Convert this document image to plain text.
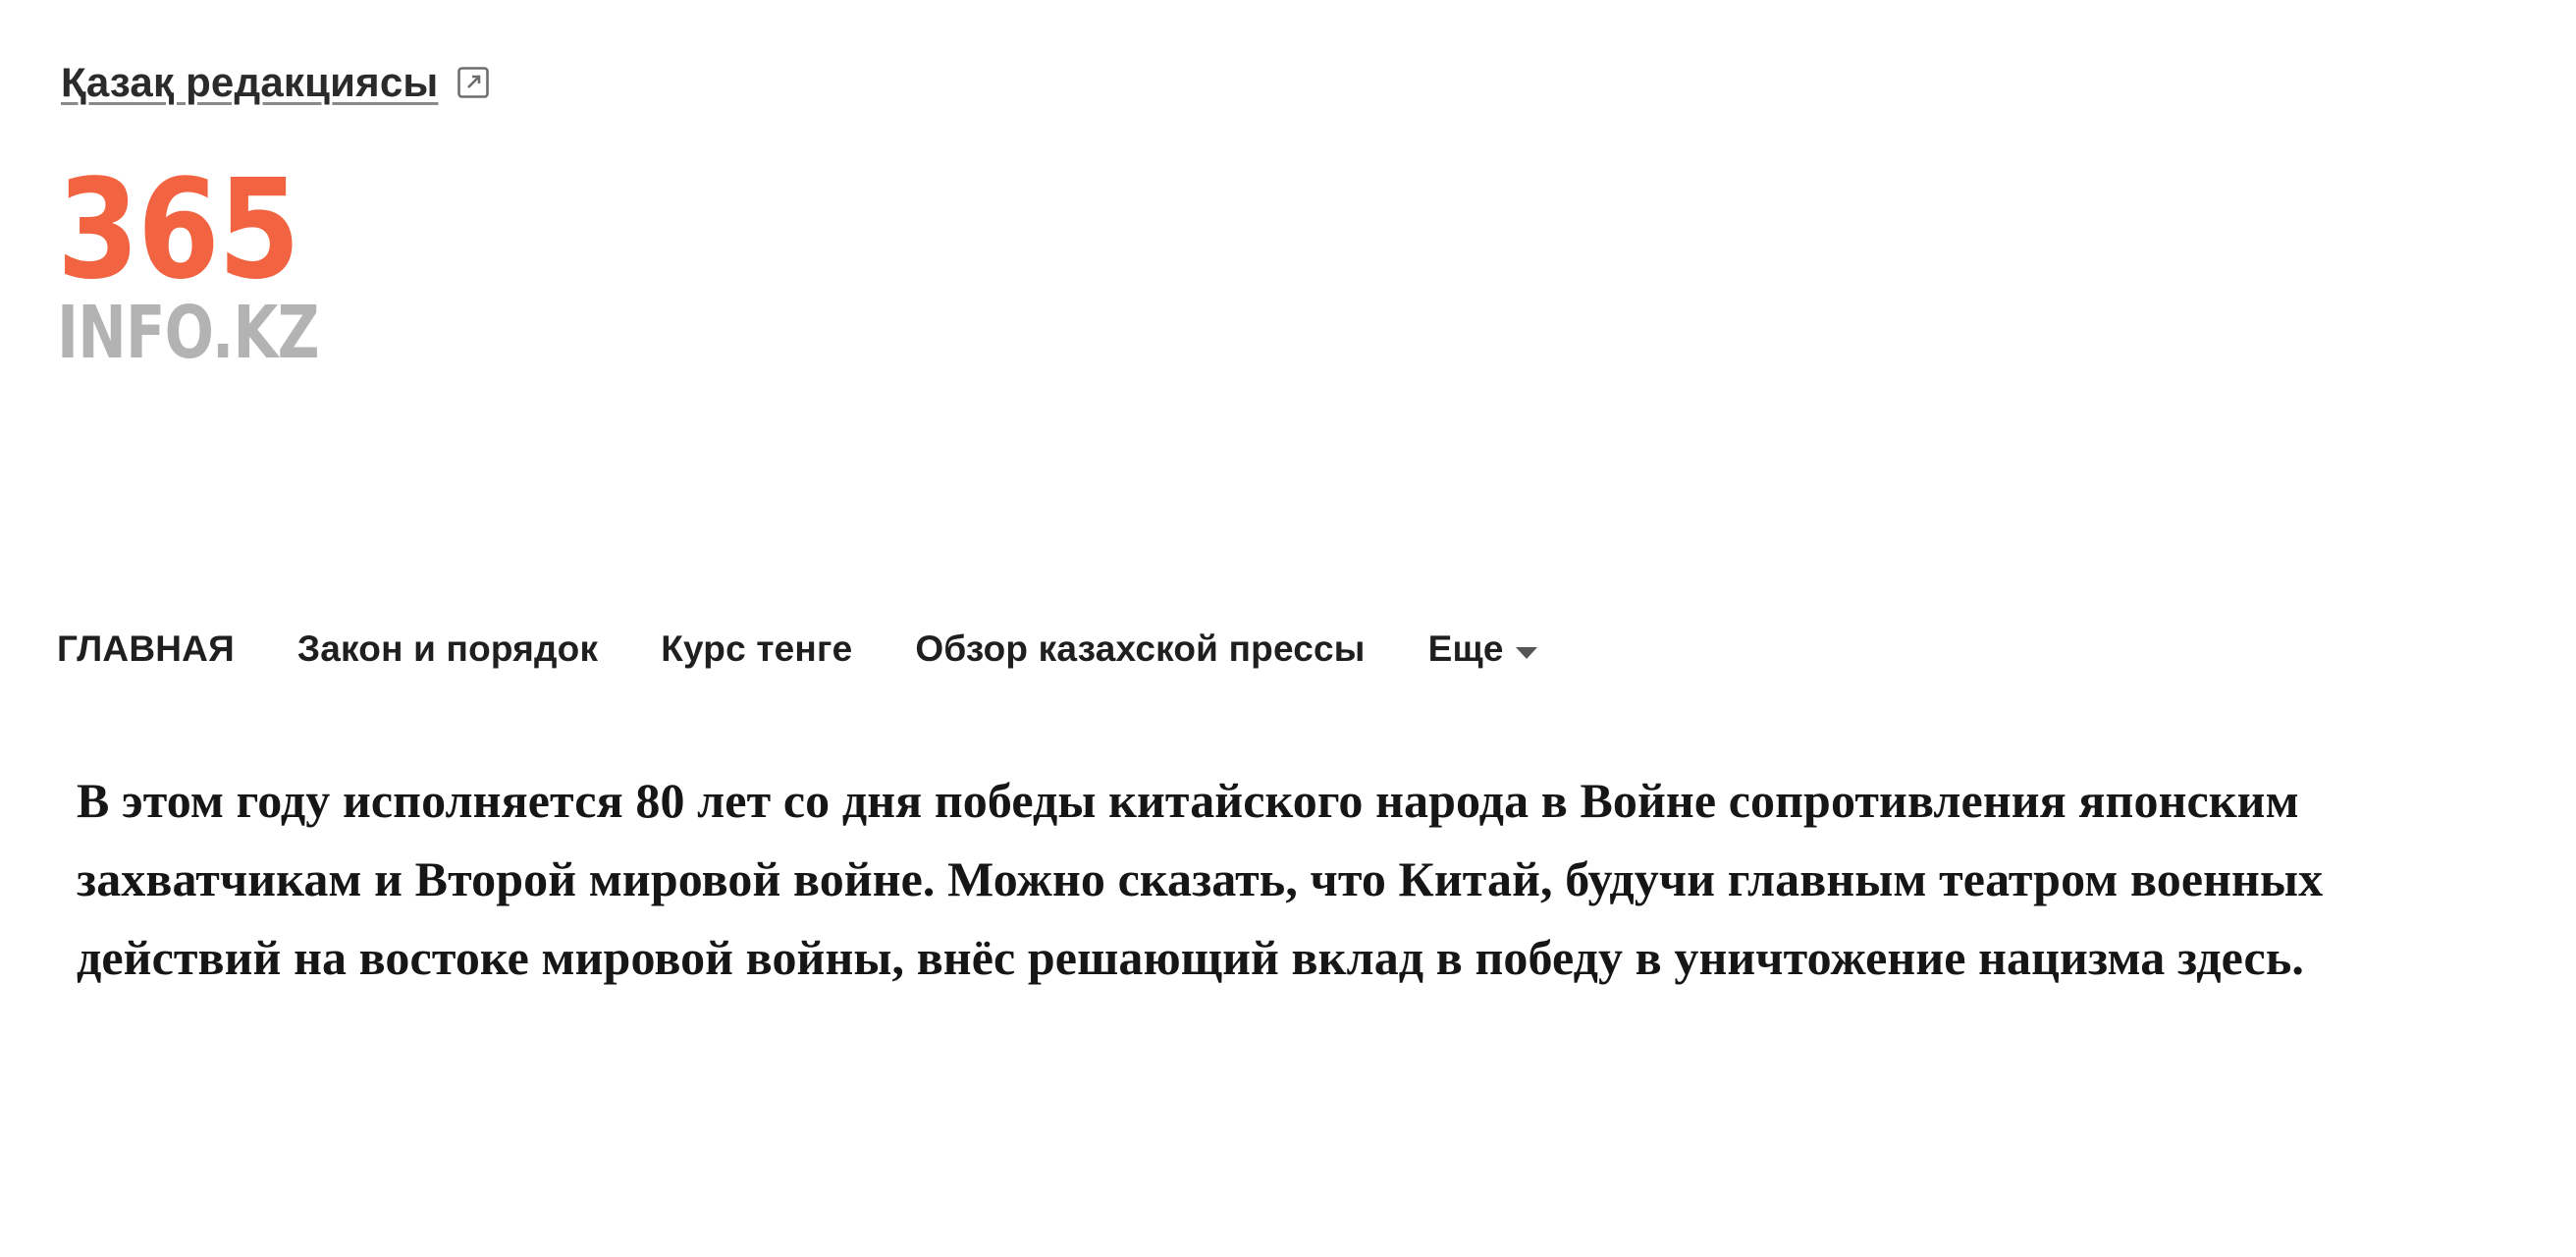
Қазақ редакциясы
365
INFO.KZ
ГЛАВНАЯ Закон и порядок Курс тенге Обзор казахской прессы Еще

В этом году исполняется 80 лет со дня победы китайского народа в Войне сопротивления японским захватчикам и Второй мировой войне. Можно сказать, что Китай, будучи главным театром военных действий на востоке мировой войны, внёс решающий вклад в победу в уничтожение нацизма здесь.
